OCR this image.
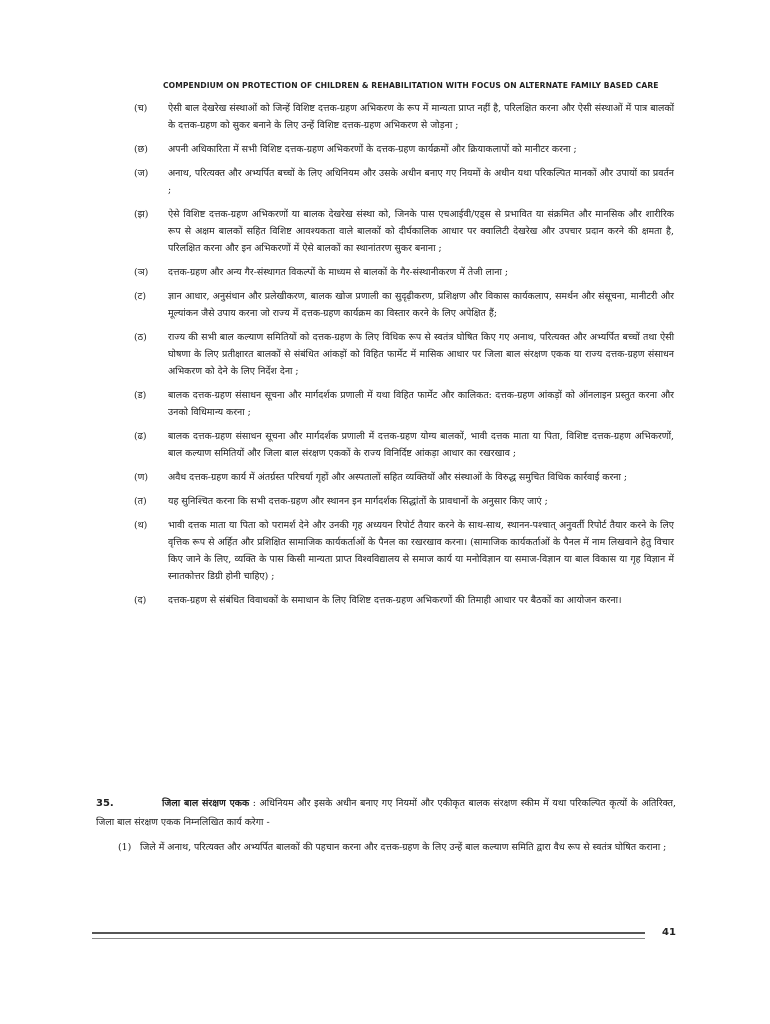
COMPENDIUM ON PROTECTION OF CHILDREN & REHABILITATION WITH FOCUS ON ALTERNATE FAMILY BASED CARE
(च)	ऐसी बाल देखरेख संस्थाओं को जिन्हें विशिष्ट दत्तक-ग्रहण अभिकरण के रूप में मान्यता प्राप्त नहीं है, परिलक्षित करना और ऐसी संस्थाओं में पात्र बालकों के दत्तक-ग्रहण को सुकर बनाने के लिए उन्हें विशिष्ट दत्तक-ग्रहण अभिकरण से जोड़ना ;
(छ)	अपनी अधिकारिता में सभी विशिष्ट दत्तक-ग्रहण अभिकरणों के दत्तक-ग्रहण कार्यक्रमों और क्रियाकलापों को मानीटर करना ;
(ज)	अनाथ, परित्यक्त और अभ्यर्पित बच्चों के लिए अधिनियम और उसके अधीन बनाए गए नियमों के अधीन यथा परिकल्पित मानकों और उपायों का प्रवर्तन ;
(झ)	ऐसे विशिष्ट दत्तक-ग्रहण अभिकरणों या बालक देखरेख संस्था को, जिनके पास एचआईवी/एड्स से प्रभावित या संक्रमित और मानसिक और शारीरिक रूप से अक्षम बालकों सहित विशिष्ट आवश्यकता वाले बालकों को दीर्घकालिक आधार पर क्वालिटी देखरेख और उपचार प्रदान करने की क्षमता है, परिलक्षित करना और इन अभिकरणों में ऐसे बालकों का स्थानांतरण सुकर बनाना ;
(ञ)	दत्तक-ग्रहण और अन्य गैर-संस्थागत विकल्पों के माध्यम से बालकों के गैर-संस्थानीकरण में तेजी लाना ;
(ट)	ज्ञान आधार, अनुसंधान और प्रलेखीकरण, बालक खोज प्रणाली का सुदृढ़ीकरण, प्रशिक्षण और विकास कार्यकलाप, समर्थन और संसूचना, मानीटरी और मूल्यांकन जैसे उपाय करना जो राज्य में दत्तक-ग्रहण कार्यक्रम का विस्तार करने के लिए अपेक्षित हैं;
(ठ)	राज्य की सभी बाल कल्याण समितियों को दत्तक-ग्रहण के लिए विधिक रूप से स्वतंत्र घोषित किए गए अनाथ, परित्यक्त और अभ्यर्पित बच्चों तथा ऐसी घोषणा के लिए प्रतीक्षारत बालकों से संबंधित आंकड़ों को विहित फार्मेट में मासिक आधार पर जिला बाल संरक्षण एकक या राज्य दत्तक-ग्रहण संसाधन अभिकरण को देने के लिए निर्देश देना ;
(ड)	बालक दत्तक-ग्रहण संसाधन सूचना और मार्गदर्शक प्रणाली में यथा विहित फार्मेट और कालिकत: दत्तक-ग्रहण आंकड़ों को ऑनलाइन प्रस्तुत करना और उनको विधिमान्य करना ;
(ढ)	बालक दत्तक-ग्रहण संसाधन सूचना और मार्गदर्शक प्रणाली में दत्तक-ग्रहण योग्य बालकों, भावी दत्तक माता या पिता, विशिष्ट दत्तक-ग्रहण अभिकरणों, बाल कल्याण समितियों और जिला बाल संरक्षण एककों के राज्य विनिर्दिष्ट आंकड़ा आधार का रखरखाव ;
(ण)	अवैध दत्तक-ग्रहण कार्य में अंतर्ग्रस्त परिचर्या गृहों और अस्पतालों सहित व्यक्तियों और संस्थाओं के विरुद्ध समुचित विधिक कार्रवाई करना ;
(त)	यह सुनिश्चित करना कि सभी दत्तक-ग्रहण और स्थानन इन मार्गदर्शक सिद्धांतों के प्रावधानों के अनुसार किए जाएं ;
(थ)	भावी दत्तक माता या पिता को परामर्श देने और उनकी गृह अध्ययन रिपोर्ट तैयार करने के साथ-साथ, स्थानन-पश्चात् अनुवर्ती रिपोर्ट तैयार करने के लिए वृत्तिक रूप से अर्हित और प्रशिक्षित सामाजिक कार्यकर्ताओं के पैनल का रखरखाव करना। (सामाजिक कार्यकर्ताओं के पैनल में नाम लिखवाने हेतु विचार किए जाने के लिए, व्यक्ति के पास किसी मान्यता प्राप्त विश्वविद्यालय से समाज कार्य या मनोविज्ञान या समाज-विज्ञान या बाल विकास या गृह विज्ञान में स्नातकोत्तर डिग्री होनी चाहिए) ;
(द)	दत्तक-ग्रहण से संबंधित विवाधकों के समाधान के लिए विशिष्ट दत्तक-ग्रहण अभिकरणों की तिमाही आधार पर बैठकों का आयोजन करना।
35.	जिला बाल संरक्षण एकक : अधिनियम और इसके अधीन बनाए गए नियमों और एकीकृत बालक संरक्षण स्कीम में यथा परिकल्पित कृत्यों के अतिरिक्त, जिला बाल संरक्षण एकक निम्नलिखित कार्य करेगा -
(1) जिले में अनाथ, परित्यक्त और अभ्यर्पित बालकों की पहचान करना और दत्तक-ग्रहण के लिए उन्हें बाल कल्याण समिति द्वारा वैध रूप से स्वतंत्र घोषित कराना ;
41
